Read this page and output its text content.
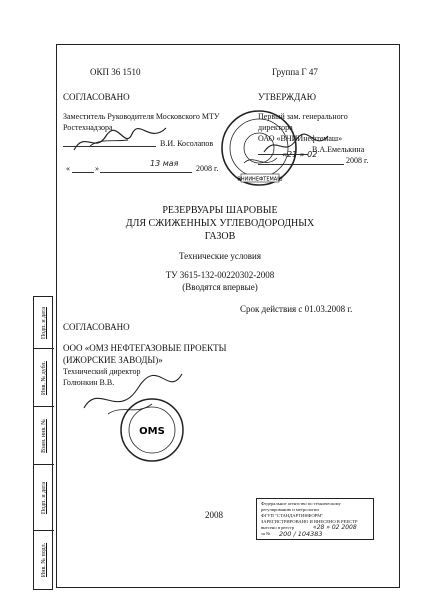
ОКП 36 1510	Группа Г 47
СОГЛАСОВАНО
Заместитель Руководителя Московского МТУ
Ростехнадзора
В.И. Косолапов
«	»
13 мая
2008 г.
УТВЕРЖДАЮ
Первый зам. генерального
директора
ОАО «ВНИИнефтемаш»
В.А.Емелькина
«21 » 02
2008 г.
ВНИИНЕФТЕМАШ
РЕЗЕРВУАРЫ ШАРОВЫЕ
ДЛЯ СЖИЖЕННЫХ УГЛЕВОДОРОДНЫХ
ГАЗОВ
Технические условия
ТУ 3615-132-00220302-2008
(Вводятся впервые)
Срок действия с 01.03.2008 г.
СОГЛАСОВАНО
ООО «ОМЗ НЕФТЕГАЗОВЫЕ ПРОЕКТЫ
(ИЖОРСКИЕ ЗАВОДЫ)»
Технический директор
Голюнкин В.В.
OMS
2008
Федеральное агентство по техническому
регулированию и метрологии
ФГУП "СТАНДАРТИНФОРМ"
ЗАРЕГИСТРИРОВАНО И ВНЕСЕНО В РЕЕСТР
внесено в реестр	«28 » 02 2008
за № 200 / 104383
Подп. и дата
Инв. № дубл.
Взам. инв. №
Подп. и дата
Инв. № подл.
